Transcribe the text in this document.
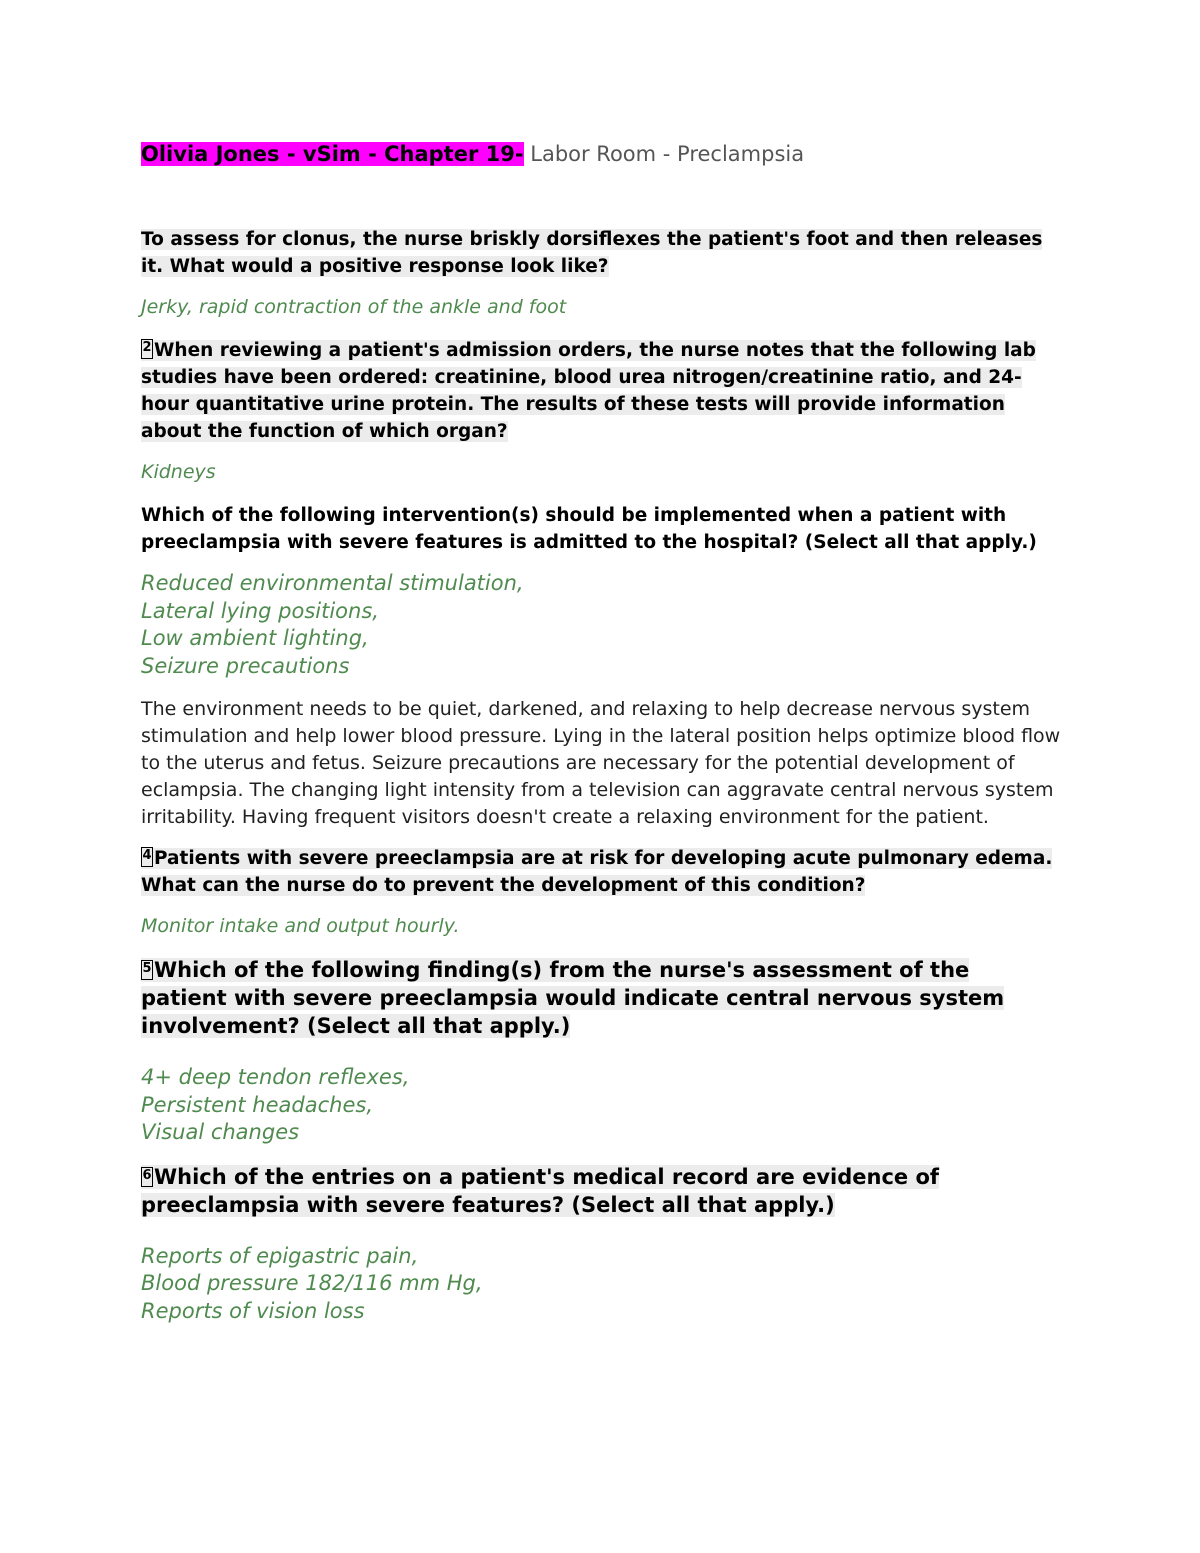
Olivia Jones - vSim - Chapter 19- Labor Room - Preclampsia

To assess for clonus, the nurse briskly dorsiflexes the patient's foot and then releases it. What would a positive response look like?

Jerky, rapid contraction of the ankle and foot

2 When reviewing a patient's admission orders, the nurse notes that the following lab studies have been ordered: creatinine, blood urea nitrogen/creatinine ratio, and 24-hour quantitative urine protein. The results of these tests will provide information about the function of which organ?

Kidneys

Which of the following intervention(s) should be implemented when a patient with preeclampsia with severe features is admitted to the hospital? (Select all that apply.)

Reduced environmental stimulation,
Lateral lying positions,
Low ambient lighting,
Seizure precautions

The environment needs to be quiet, darkened, and relaxing to help decrease nervous system stimulation and help lower blood pressure. Lying in the lateral position helps optimize blood flow to the uterus and fetus. Seizure precautions are necessary for the potential development of eclampsia. The changing light intensity from a television can aggravate central nervous system irritability. Having frequent visitors doesn't create a relaxing environment for the patient.

4 Patients with severe preeclampsia are at risk for developing acute pulmonary edema. What can the nurse do to prevent the development of this condition?

Monitor intake and output hourly.

5 Which of the following finding(s) from the nurse's assessment of the patient with severe preeclampsia would indicate central nervous system involvement? (Select all that apply.)

4+ deep tendon reflexes,
Persistent headaches,
Visual changes

6 Which of the entries on a patient's medical record are evidence of preeclampsia with severe features? (Select all that apply.)

Reports of epigastric pain,
Blood pressure 182/116 mm Hg,
Reports of vision loss
